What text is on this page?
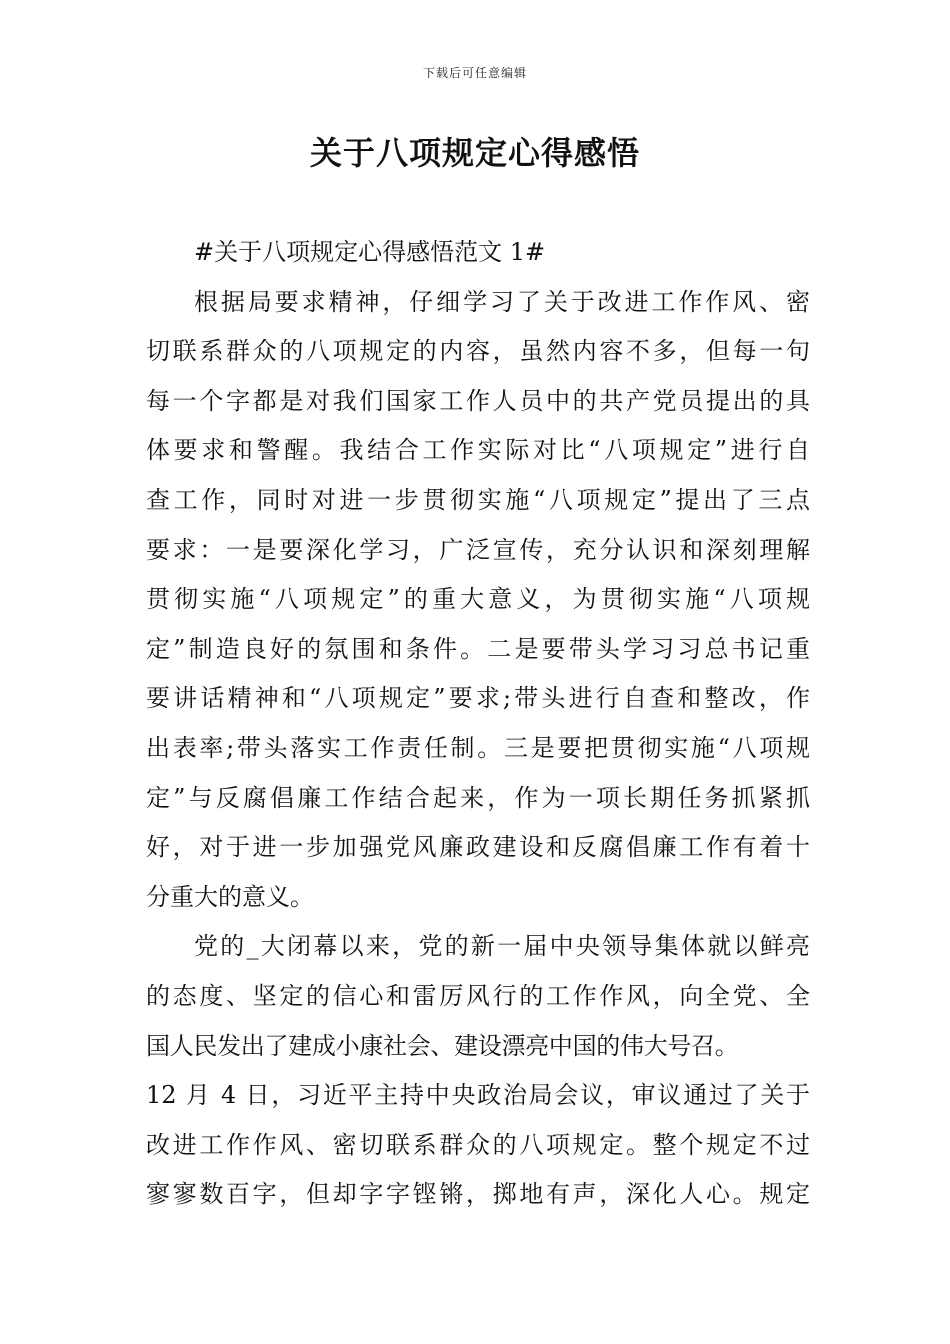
下载后可任意编辑
关于八项规定心得感悟
#关于八项规定心得感悟范文 1#
根据局要求精神，仔细学习了关于改进工作作风、密
切联系群众的八项规定的内容，虽然内容不多，但每一句
每一个字都是对我们国家工作人员中的共产党员提出的具
体要求和警醒。我结合工作实际对比“八项规定”进行自
查工作，同时对进一步贯彻实施“八项规定”提出了三点
要求：一是要深化学习，广泛宣传，充分认识和深刻理解
贯彻实施“八项规定”的重大意义，为贯彻实施“八项规
定”制造良好的氛围和条件。二是要带头学习习总书记重
要讲话精神和“八项规定”要求;带头进行自查和整改，作
出表率;带头落实工作责任制。三是要把贯彻实施“八项规
定”与反腐倡廉工作结合起来，作为一项长期任务抓紧抓
好，对于进一步加强党风廉政建设和反腐倡廉工作有着十
分重大的意义。
党的_大闭幕以来，党的新一届中央领导集体就以鲜亮
的态度、坚定的信心和雷厉风行的工作作风，向全党、全
国人民发出了建成小康社会、建设漂亮中国的伟大号召。
12 月 4 日，习近平主持中央政治局会议，审议通过了关于
改进工作作风、密切联系群众的八项规定。整个规定不过
寥寥数百字，但却字字铿锵，掷地有声，深化人心。规定
